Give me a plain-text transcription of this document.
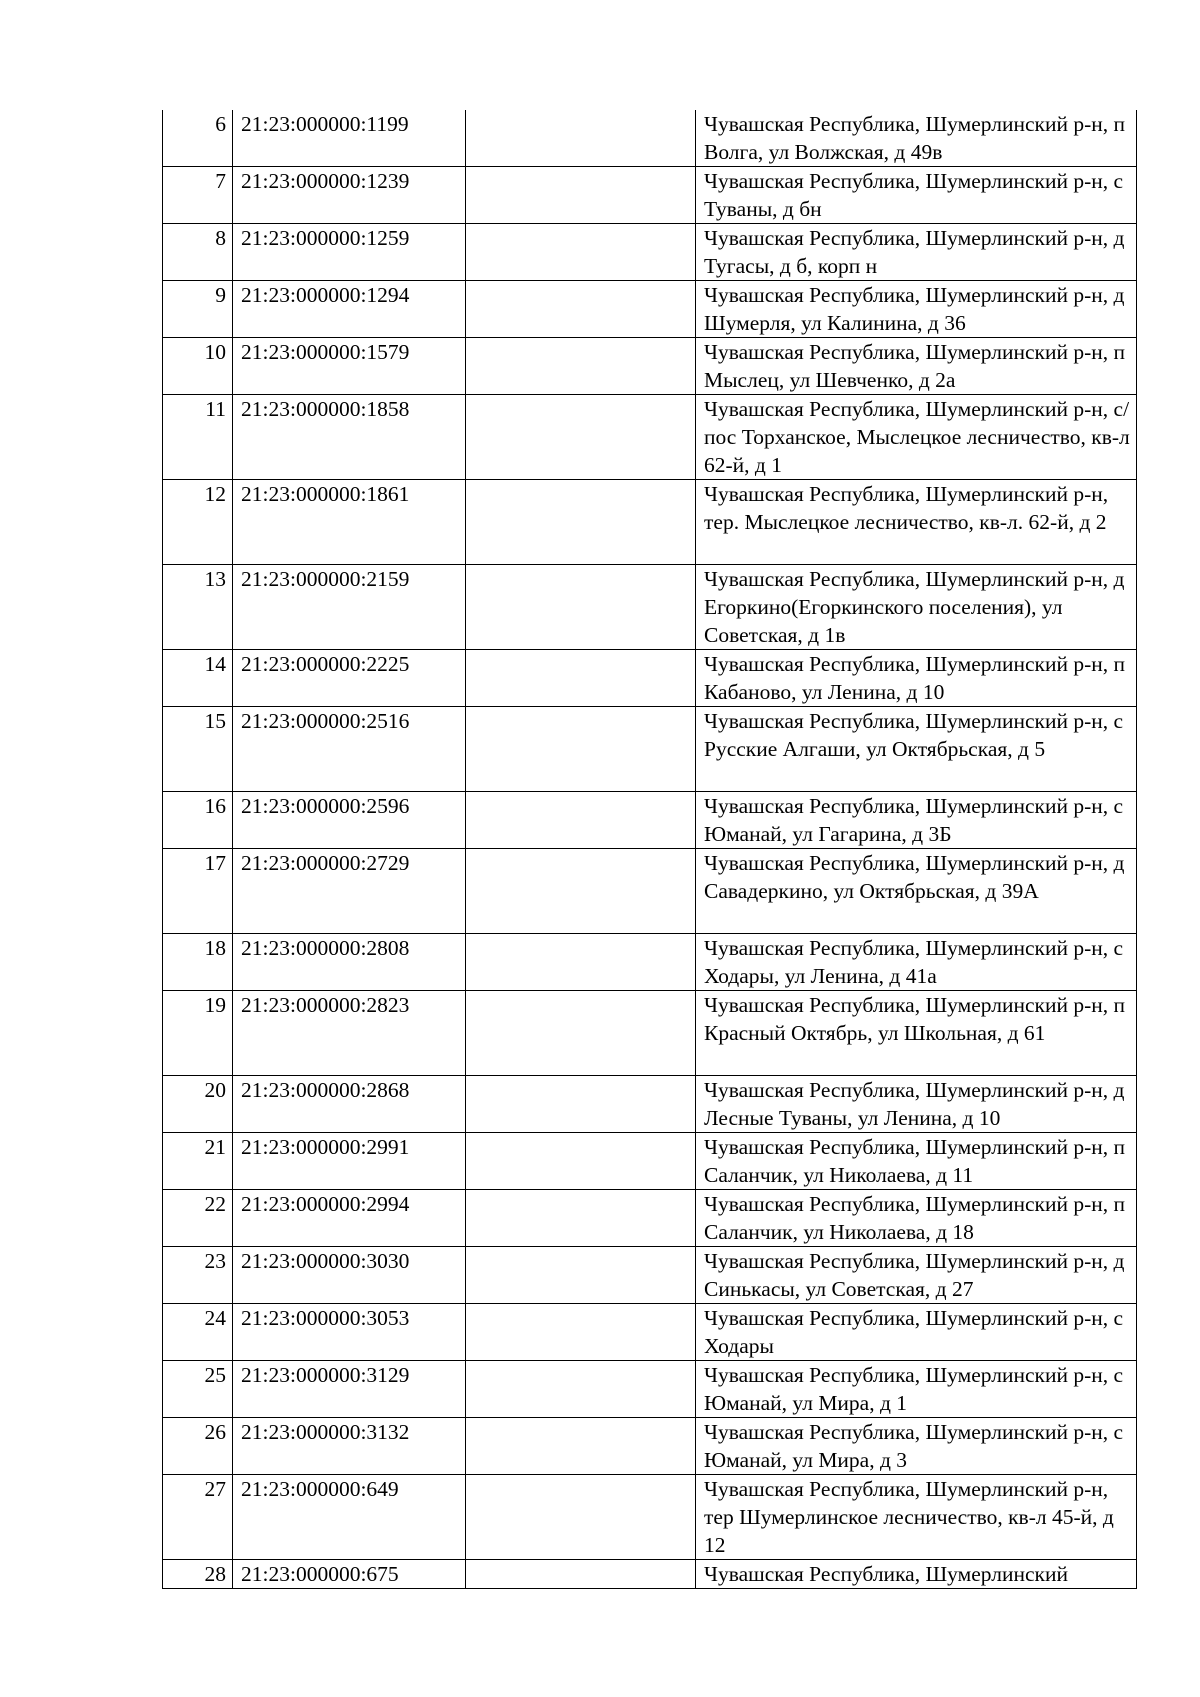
6	21:23:000000:1199		Чувашская Республика, Шумерлинский р-н, п Волга, ул Волжская, д 49в
7	21:23:000000:1239		Чувашская Республика, Шумерлинский р-н, с Туваны, д бн
8	21:23:000000:1259		Чувашская Республика, Шумерлинский р-н, д Тугасы, д б, корп н
9	21:23:000000:1294		Чувашская Республика, Шумерлинский р-н, д Шумерля, ул Калинина, д 36
10	21:23:000000:1579		Чувашская Республика, Шумерлинский р-н, п Мыслец, ул Шевченко, д 2а
11	21:23:000000:1858		Чувашская Республика, Шумерлинский р-н, с/пос Торханское, Мыслецкое лесничество, кв-л 62-й, д 1
12	21:23:000000:1861		Чувашская Республика, Шумерлинский р-н, тер. Мыслецкое лесничество, кв-л. 62-й, д 2
13	21:23:000000:2159		Чувашская Республика, Шумерлинский р-н, д Егоркино(Егоркинского поселения), ул Советская, д 1в
14	21:23:000000:2225		Чувашская Республика, Шумерлинский р-н, п Кабаново, ул Ленина, д 10
15	21:23:000000:2516		Чувашская Республика, Шумерлинский р-н, с Русские Алгаши, ул Октябрьская, д 5
16	21:23:000000:2596		Чувашская Республика, Шумерлинский р-н, с Юманай, ул Гагарина, д 3Б
17	21:23:000000:2729		Чувашская Республика, Шумерлинский р-н, д Савадеркино, ул Октябрьская, д 39А
18	21:23:000000:2808		Чувашская Республика, Шумерлинский р-н, с Ходары, ул Ленина, д 41а
19	21:23:000000:2823		Чувашская Республика, Шумерлинский р-н, п Красный Октябрь, ул Школьная, д 61
20	21:23:000000:2868		Чувашская Республика, Шумерлинский р-н, д Лесные Туваны, ул Ленина, д 10
21	21:23:000000:2991		Чувашская Республика, Шумерлинский р-н, п Саланчик, ул Николаева, д 11
22	21:23:000000:2994		Чувашская Республика, Шумерлинский р-н, п Саланчик, ул Николаева, д 18
23	21:23:000000:3030		Чувашская Республика, Шумерлинский р-н, д Синькасы, ул Советская, д 27
24	21:23:000000:3053		Чувашская Республика, Шумерлинский р-н, с Ходары
25	21:23:000000:3129		Чувашская Республика, Шумерлинский р-н, с Юманай, ул Мира, д 1
26	21:23:000000:3132		Чувашская Республика, Шумерлинский р-н, с Юманай, ул Мира, д 3
27	21:23:000000:649		Чувашская Республика, Шумерлинский р-н, тер Шумерлинское лесничество, кв-л 45-й, д 12
28	21:23:000000:675		Чувашская Республика, Шумерлинский
